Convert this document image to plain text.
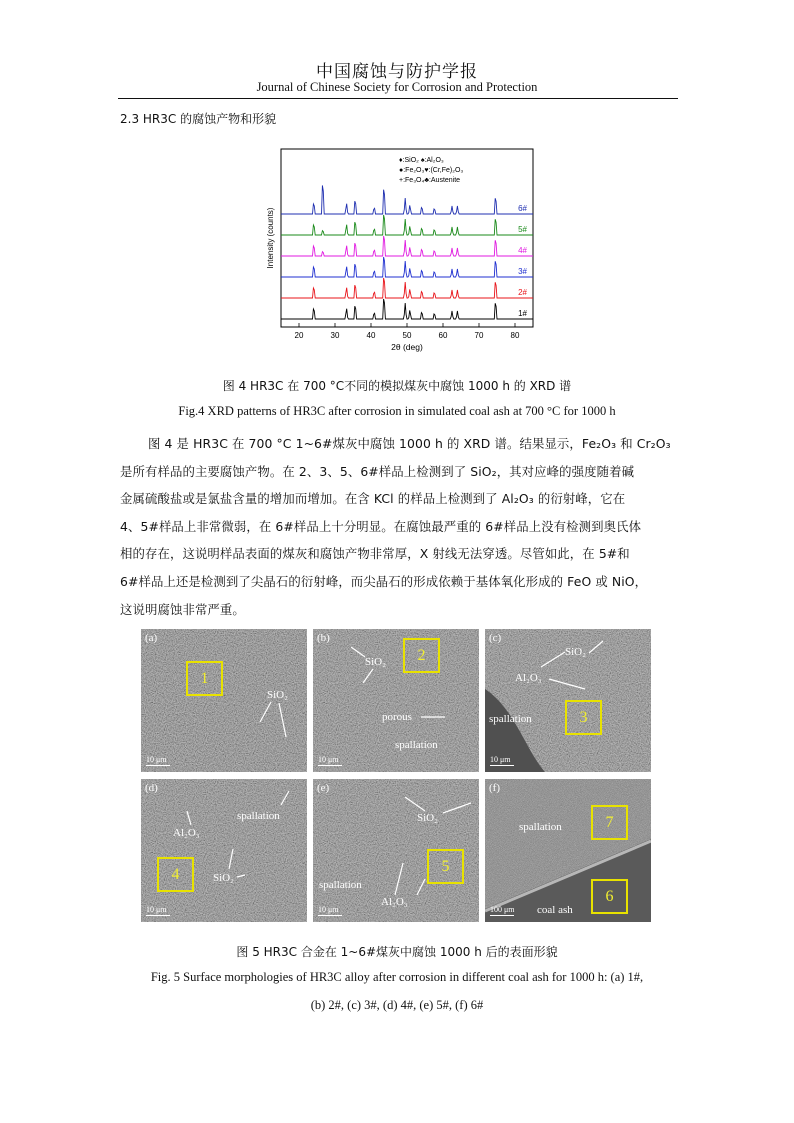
中国腐蚀与防护学报
Journal of Chinese Society for Corrosion and Protection
2.3 HR3C 的腐蚀产物和形貌
20	30	40	50	60	70	80
2θ (deg)
Intensity (counts)
1#
2#
3#
4#
5#
6#
♦:SiO₂ ♠:Al₂O₃
●:Fe₂O₃♥:(Cr,Fe)₂O₃
+:Fe₃O₄♣:Austenite
图 4 HR3C 在 700 °C不同的模拟煤灰中腐蚀 1000 h 的 XRD 谱
Fig.4 XRD patterns of HR3C after corrosion in simulated coal ash at 700 °C for 1000 h
图 4 是 HR3C 在 700 °C 1~6#煤灰中腐蚀 1000 h 的 XRD 谱。结果显示，Fe₂O₃ 和 Cr₂O₃
是所有样品的主要腐蚀产物。在 2、3、5、6#样品上检测到了 SiO₂，其对应峰的强度随着碱
金属硫酸盐或是氯盐含量的增加而增加。在含 KCl 的样品上检测到了 Al₂O₃ 的衍射峰，它在
4、5#样品上非常微弱，在 6#样品上十分明显。在腐蚀最严重的 6#样品上没有检测到奥氏体
相的存在，这说明样品表面的煤灰和腐蚀产物非常厚，X 射线无法穿透。尽管如此，在 5#和
6#样品上还是检测到了尖晶石的衍射峰，而尖晶石的形成依赖于基体氧化形成的 FeO 或 NiO，
这说明腐蚀非常严重。
(a)
1
SiO₂
10 μm
(b)
2
SiO₂
porous
spallation
10 μm
(c)
3
SiO₂
Al₂O₃
spallation
10 μm
(d)
4
spallation
Al₂O₃
SiO₂
10 μm
(e)
5
SiO₂
spallation
Al₂O₃
10 μm
(f)
7
6
spallation
coal ash
100 μm
图 5 HR3C 合金在 1~6#煤灰中腐蚀 1000 h 后的表面形貌
Fig. 5 Surface morphologies of HR3C alloy after corrosion in different coal ash for 1000 h: (a) 1#,
(b) 2#, (c) 3#, (d) 4#, (e) 5#, (f) 6#
